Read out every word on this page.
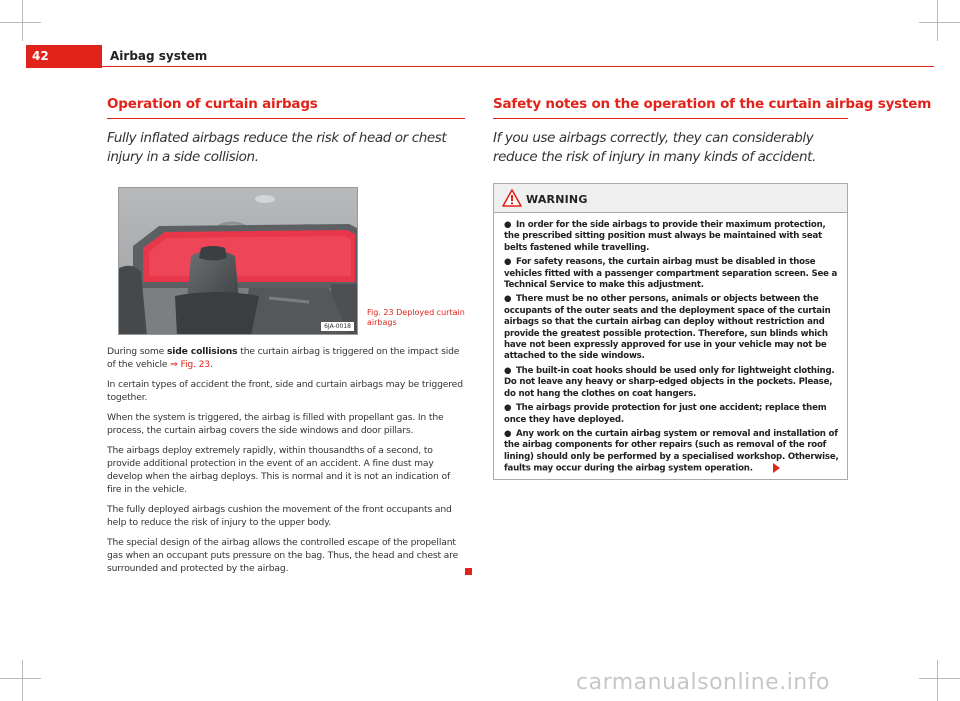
42	Airbag system
Operation of curtain airbags
Fully inflated airbags reduce the risk of head or chest injury in a side collision.
6JA-0018
Fig. 23 Deployed curtain airbags

During some side collisions the curtain airbag is triggered on the impact side of the vehicle ⇒ Fig. 23.

In certain types of accident the front, side and curtain airbags may be triggered together.

When the system is triggered, the airbag is filled with propellant gas. In the process, the curtain airbag covers the side windows and door pillars.

The airbags deploy extremely rapidly, within thousandths of a second, to provide additional protection in the event of an accident. A fine dust may develop when the airbag deploys. This is normal and it is not an indication of fire in the vehicle.

The fully deployed airbags cushion the movement of the front occupants and help to reduce the risk of injury to the upper body.

The special design of the airbag allows the controlled escape of the propellant gas when an occupant puts pressure on the bag. Thus, the head and chest are surrounded and protected by the airbag.

Safety notes on the operation of the curtain airbag system
If you use airbags correctly, they can considerably reduce the risk of injury in many kinds of accident.
WARNING

● In order for the side airbags to provide their maximum protection, the prescribed sitting position must always be maintained with seat belts fastened while travelling.

● For safety reasons, the curtain airbag must be disabled in those vehicles fitted with a passenger compartment separation screen. See a Technical Service to make this adjustment.

● There must be no other persons, animals or objects between the occupants of the outer seats and the deployment space of the curtain airbags so that the curtain airbag can deploy without restriction and provide the greatest possible protection. Therefore, sun blinds which have not been expressly approved for use in your vehicle may not be attached to the side windows.

● The built-in coat hooks should be used only for lightweight clothing. Do not leave any heavy or sharp-edged objects in the pockets. Please, do not hang the clothes on coat hangers.

● The airbags provide protection for just one accident; replace them once they have deployed.

● Any work on the curtain airbag system or removal and installation of the airbag components for other repairs (such as removal of the roof lining) should only be performed by a specialised workshop. Otherwise, faults may occur during the airbag system operation.

carmanualsonline.info
